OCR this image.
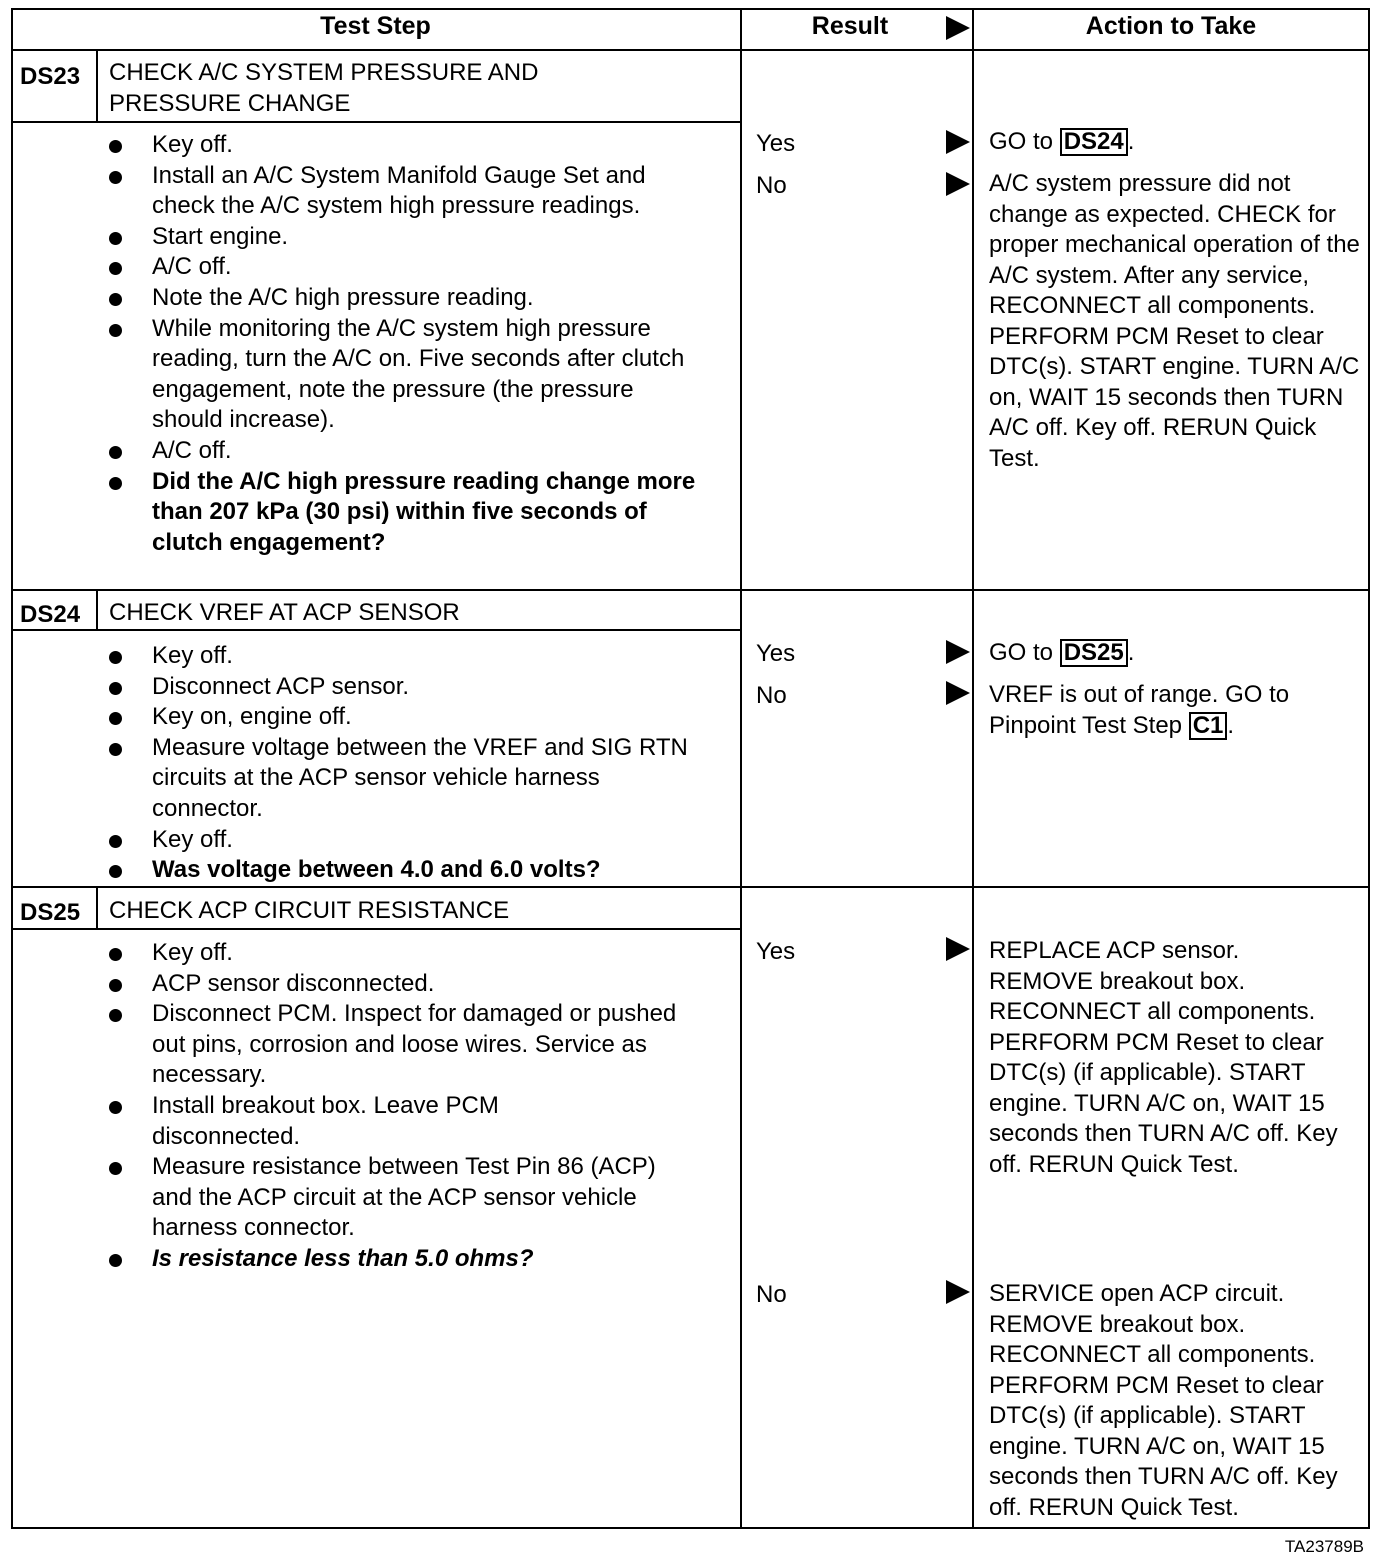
Test Step	Result	Action to Take
DS23 CHECK A/C SYSTEM PRESSURE AND
PRESSURE CHANGE
Key off.
Install an A/C System Manifold Gauge Set and check the A/C system high pressure readings.
Start engine.
A/C off.
Note the A/C high pressure reading.
While monitoring the A/C system high pressure reading, turn the A/C on. Five seconds after clutch engagement, note the pressure (the pressure should increase).
A/C off.
Did the A/C high pressure reading change more than 207 kPa (30 psi) within five seconds of clutch engagement?
Yes	GO to DS24 .
No	A/C system pressure did not change as expected. CHECK for proper mechanical operation of the A/C system. After any service, RECONNECT all components. PERFORM PCM Reset to clear DTC(s). START engine. TURN A/C on, WAIT 15 seconds then TURN A/C off. Key off. RERUN Quick Test.
DS24 CHECK VREF AT ACP SENSOR
Key off.
Disconnect ACP sensor.
Key on, engine off.
Measure voltage between the VREF and SIG RTN circuits at the ACP sensor vehicle harness connector.
Key off.
Was voltage between 4.0 and 6.0 volts?
Yes	GO to DS25 .
No	VREF is out of range. GO to Pinpoint Test Step C1 .
DS25 CHECK ACP CIRCUIT RESISTANCE
Key off.
ACP sensor disconnected.
Disconnect PCM. Inspect for damaged or pushed out pins, corrosion and loose wires. Service as necessary.
Install breakout box. Leave PCM disconnected.
Measure resistance between Test Pin 86 (ACP) and the ACP circuit at the ACP sensor vehicle harness connector.
Is resistance less than 5.0 ohms?
Yes	REPLACE ACP sensor. REMOVE breakout box. RECONNECT all components. PERFORM PCM Reset to clear DTC(s) (if applicable). START engine. TURN A/C on, WAIT 15 seconds then TURN A/C off. Key off. RERUN Quick Test.
No	SERVICE open ACP circuit. REMOVE breakout box. RECONNECT all components. PERFORM PCM Reset to clear DTC(s) (if applicable). START engine. TURN A/C on, WAIT 15 seconds then TURN A/C off. Key off. RERUN Quick Test.
TA23789B
